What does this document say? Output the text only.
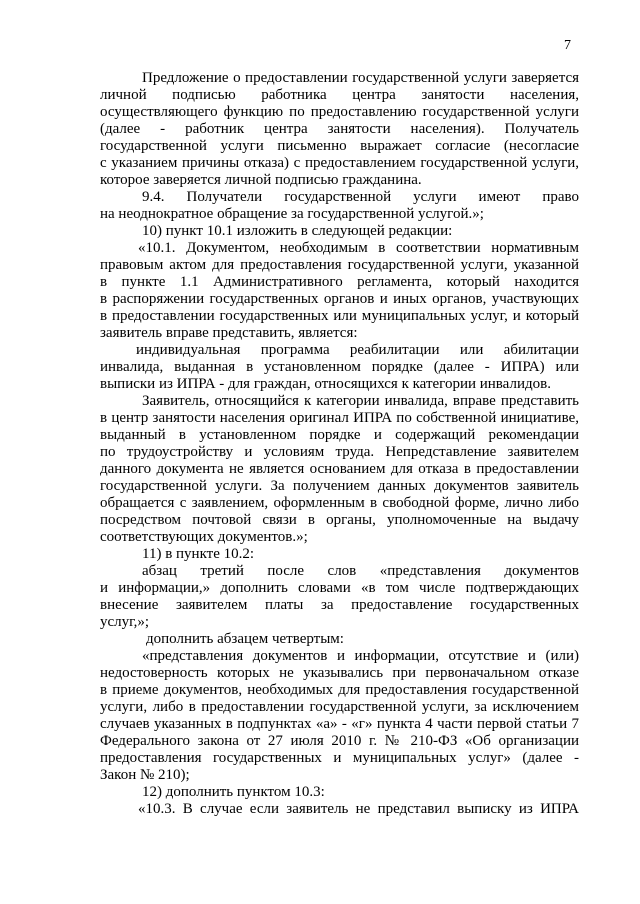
7
Предложение о предоставлении государственной услуги заверяется
личной подписью работника центра занятости населения,
осуществляющего функцию по предоставлению государственной услуги
(далее - работник центра занятости населения). Получатель
государственной услуги письменно выражает согласие (несогласие
с указанием причины отказа) с предоставлением государственной услуги,
которое заверяется личной подписью гражданина.
9.4. Получатели государственной услуги имеют право
на неоднократное обращение за государственной услугой.»;
10) пункт 10.1 изложить в следующей редакции:
«10.1. Документом, необходимым в соответствии нормативным
правовым актом для предоставления государственной услуги, указанной
в пункте 1.1 Административного регламента, который находится
в распоряжении государственных органов и иных органов, участвующих
в предоставлении государственных или муниципальных услуг, и который
заявитель вправе представить, является:
индивидуальная программа реабилитации или абилитации
инвалида, выданная в установленном порядке (далее - ИПРА) или
выписки из ИПРА - для граждан, относящихся к категории инвалидов.
Заявитель, относящийся к категории инвалида, вправе представить
в центр занятости населения оригинал ИПРА по собственной инициативе,
выданный в установленном порядке и содержащий рекомендации
по трудоустройству и условиям труда. Непредставление заявителем
данного документа не является основанием для отказа в предоставлении
государственной услуги. За получением данных документов заявитель
обращается с заявлением, оформленным в свободной форме, лично либо
посредством почтовой связи в органы, уполномоченные на выдачу
соответствующих документов.»;
11) в пункте 10.2:
абзац третий после слов «представления документов
и информации,» дополнить словами «в том числе подтверждающих
внесение заявителем платы за предоставление государственных
услуг,»;
дополнить абзацем четвертым:
«представления документов и информации, отсутствие и (или)
недостоверность которых не указывались при первоначальном отказе
в приеме документов, необходимых для предоставления государственной
услуги, либо в предоставлении государственной услуги, за исключением
случаев указанных в подпунктах «а» - «г» пункта 4 части первой статьи 7
Федерального закона от 27 июля 2010 г. № 210-ФЗ «Об организации
предоставления государственных и муниципальных услуг» (далее -
Закон № 210);
12) дополнить пунктом 10.3:
«10.3. В случае если заявитель не представил выписку из ИПРА
